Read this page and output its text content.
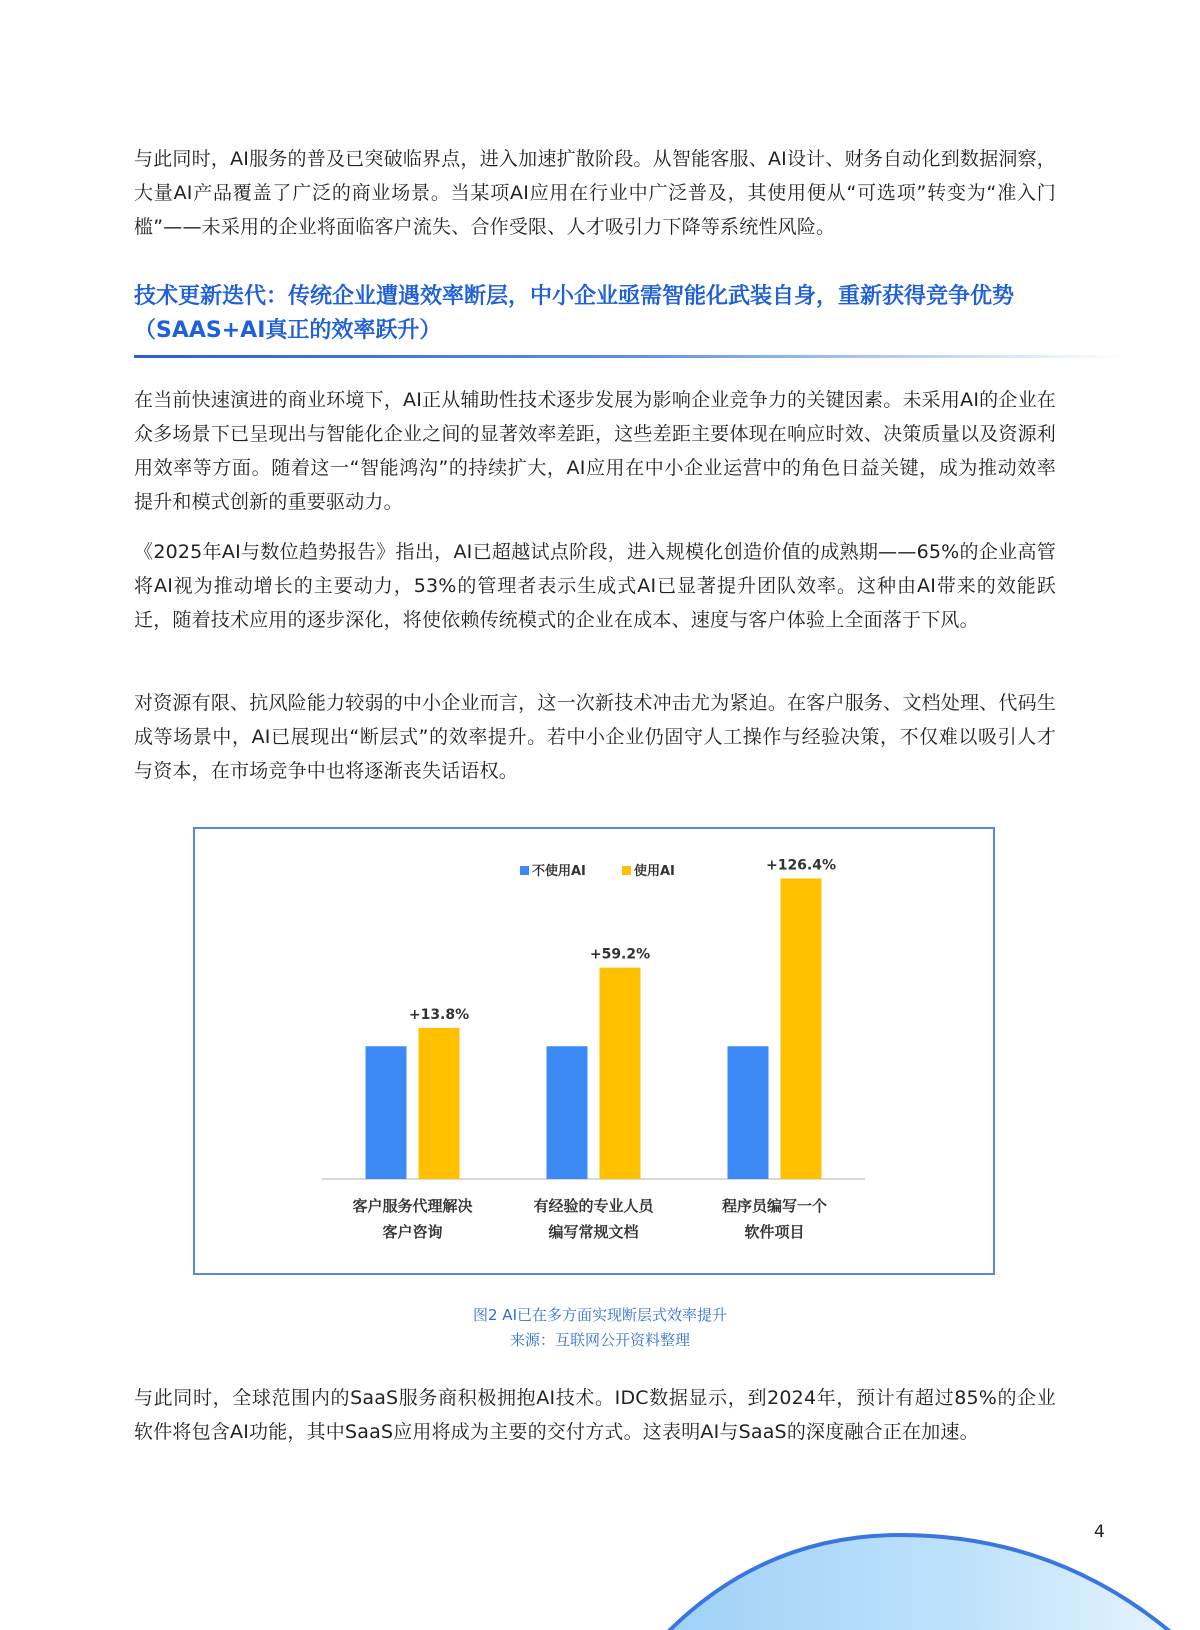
与此同时，AI服务的普及已突破临界点，进入加速扩散阶段。从智能客服、AI设计、财务自动化到数据洞察，大量AI产品覆盖了广泛的商业场景。当某项AI应用在行业中广泛普及，其使用便从“可选项”转变为“准入门槛”——未采用的企业将面临客户流失、合作受限、人才吸引力下降等系统性风险。

技术更新迭代：传统企业遭遇效率断层，中小企业亟需智能化武装自身，重新获得竞争优势（SAAS+AI真正的效率跃升）

在当前快速演进的商业环境下，AI正从辅助性技术逐步发展为影响企业竞争力的关键因素。未采用AI的企业在众多场景下已呈现出与智能化企业之间的显著效率差距，这些差距主要体现在响应时效、决策质量以及资源利用效率等方面。随着这一“智能鸿沟”的持续扩大，AI应用在中小企业运营中的角色日益关键，成为推动效率提升和模式创新的重要驱动力。

《2025年AI与数位趋势报告》指出，AI已超越试点阶段，进入规模化创造价值的成熟期——65%的企业高管将AI视为推动增长的主要动力，53%的管理者表示生成式AI已显著提升团队效率。这种由AI带来的效能跃迁，随着技术应用的逐步深化，将使依赖传统模式的企业在成本、速度与客户体验上全面落于下风。

对资源有限、抗风险能力较弱的中小企业而言，这一次新技术冲击尤为紧迫。在客户服务、文档处理、代码生成等场景中，AI已展现出“断层式”的效率提升。若中小企业仍固守人工操作与经验决策，不仅难以吸引人才与资本，在市场竞争中也将逐渐丧失话语权。

不使用AI	使用AI
+13.8%
客户服务代理解决
客户咨询
+59.2%
有经验的专业人员
编写常规文档
+126.4%
程序员编写一个
软件项目
图2 AI已在多方面实现断层式效率提升
来源：互联网公开资料整理

与此同时，全球范围内的SaaS服务商积极拥抱AI技术。IDC数据显示，到2024年，预计有超过85%的企业软件将包含AI功能，其中SaaS应用将成为主要的交付方式。这表明AI与SaaS的深度融合正在加速。

4
